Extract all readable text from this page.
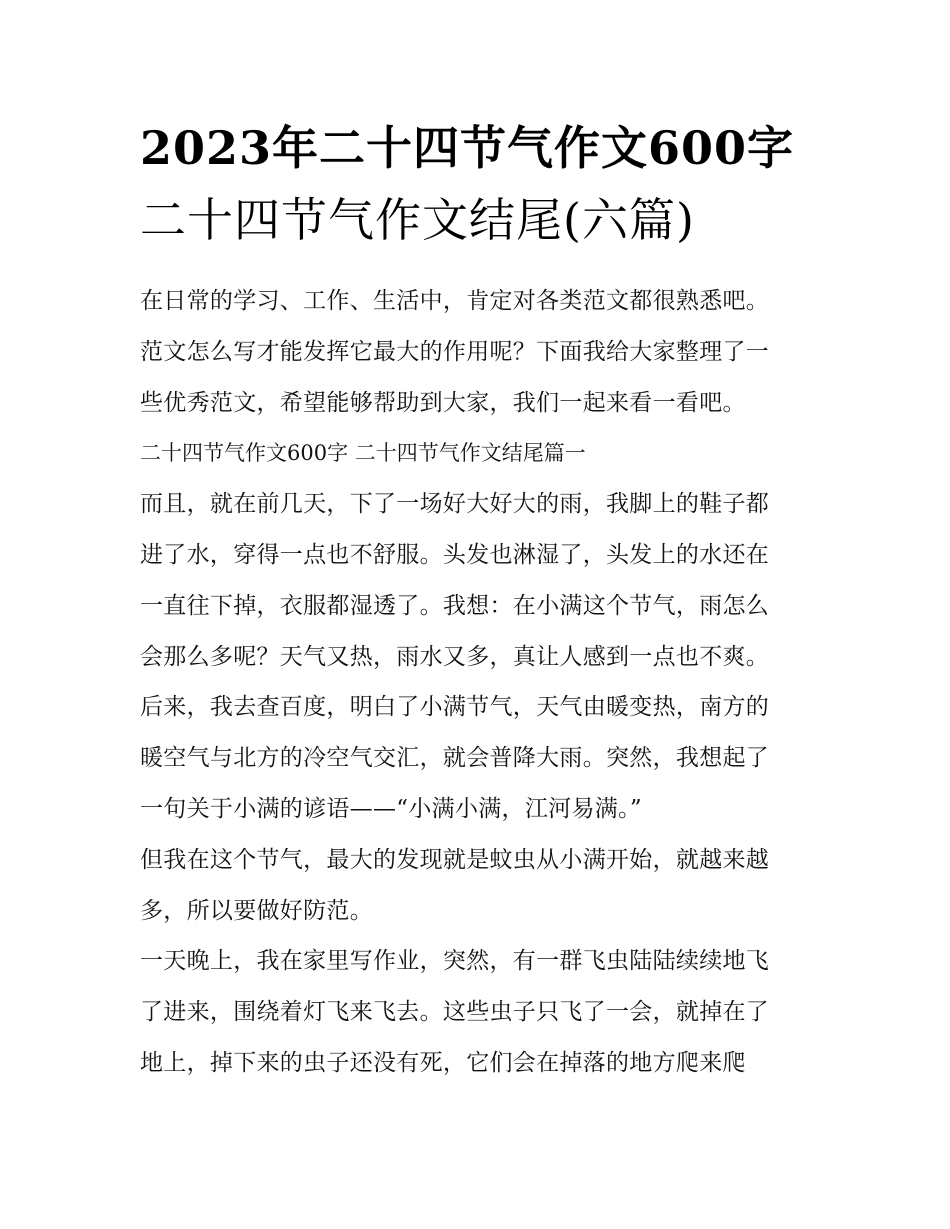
2023年二十四节气作文600字
二十四节气作文结尾(六篇)
在日常的学习、工作、生活中，肯定对各类范文都很熟悉吧。
范文怎么写才能发挥它最大的作用呢？下面我给大家整理了一
些优秀范文，希望能够帮助到大家，我们一起来看一看吧。
二十四节气作文600字 二十四节气作文结尾篇一
而且，就在前几天，下了一场好大好大的雨，我脚上的鞋子都
进了水，穿得一点也不舒服。头发也淋湿了，头发上的水还在
一直往下掉，衣服都湿透了。我想：在小满这个节气，雨怎么
会那么多呢？天气又热，雨水又多，真让人感到一点也不爽。
后来，我去查百度，明白了小满节气，天气由暖变热，南方的
暖空气与北方的冷空气交汇，就会普降大雨。突然，我想起了
一句关于小满的谚语——“小满小满，江河易满。”
但我在这个节气，最大的发现就是蚊虫从小满开始，就越来越
多，所以要做好防范。
一天晚上，我在家里写作业，突然，有一群飞虫陆陆续续地飞
了进来，围绕着灯飞来飞去。这些虫子只飞了一会，就掉在了
地上，掉下来的虫子还没有死，它们会在掉落的地方爬来爬
